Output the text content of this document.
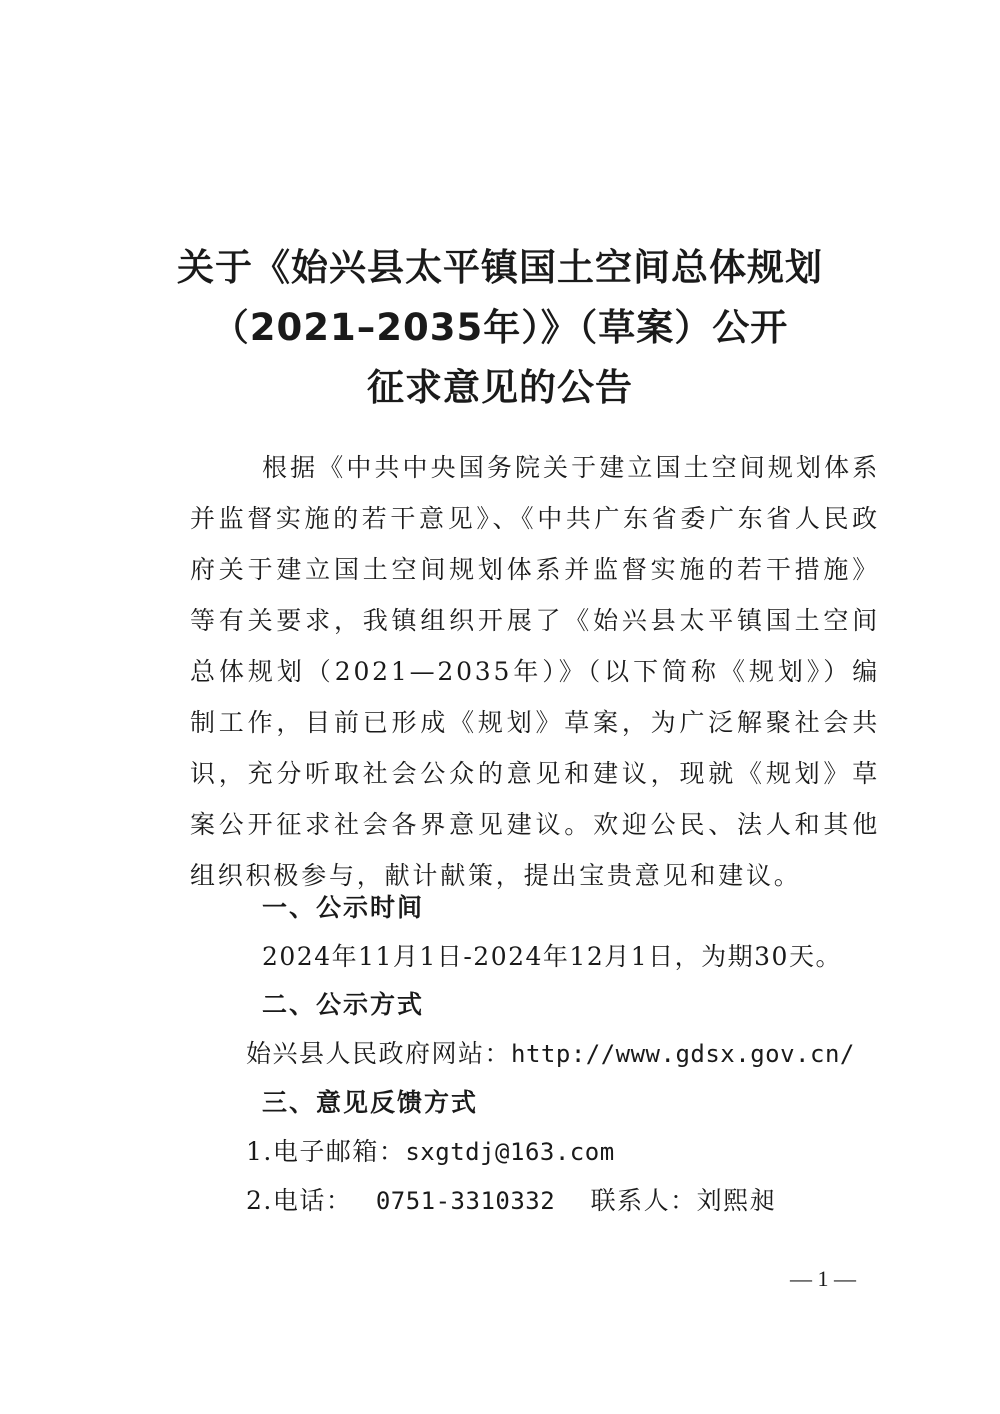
关于《始兴县太平镇国土空间总体规划
（2021–2035年）》（草案）公开
征求意见的公告

根据《中共中央国务院关于建立国土空间规划体系并监督实施的若干意见》、《中共广东省委广东省人民政府关于建立国土空间规划体系并监督实施的若干措施》等有关要求，我镇组织开展了《始兴县太平镇国土空间总体规划（2021—2035年）》（以下简称《规划》）编制工作，目前已形成《规划》草案，为广泛解聚社会共识，充分听取社会公众的意见和建议，现就《规划》草案公开征求社会各界意见建议。欢迎公民、法人和其他组织积极参与，献计献策，提出宝贵意见和建议。

一、公示时间
2024年11月1日-2024年12月1日，为期30天。
二、公示方式
始兴县人民政府网站：http://www.gdsx.gov.cn/
三、意见反馈方式
1.电子邮箱：sxgtdj@163.com
2.电话： 0751-3310332 联系人：刘熙昶
— 1 —
